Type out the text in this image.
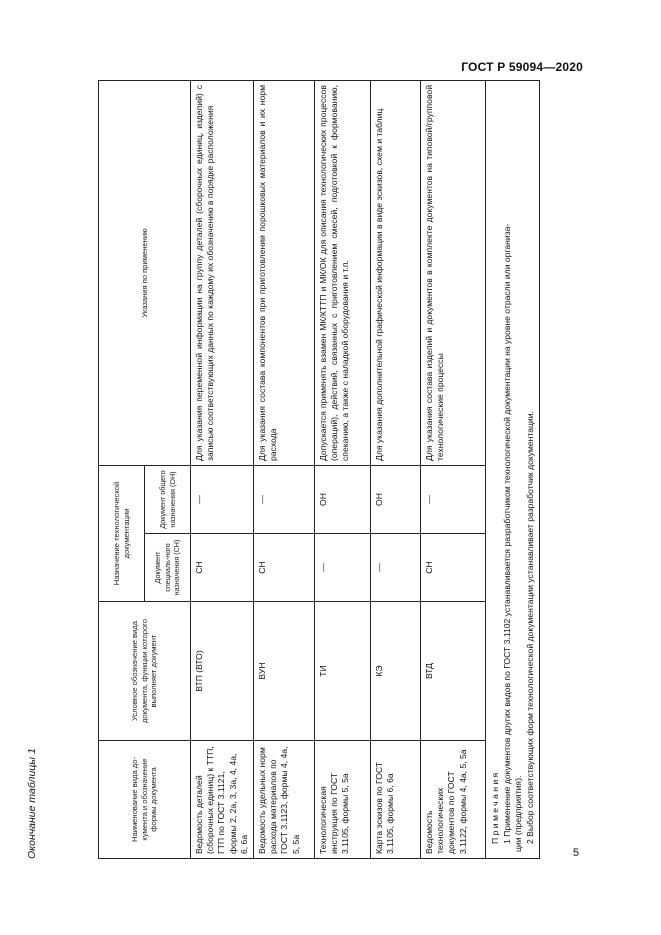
ГОСТ Р 59094—2020
Окончание таблицы 1	Наименование вида до-кумента и обозначение формы документа	Условное обозначение вида документа, функции которого выполняет документ	Назначение технологической документации		Указания по применению
		Документ специаль-ного назначения (СН)	Документ общего назначения (ОН)	
Ведомость деталей (сборочных единиц) к ТТП, ГТП по ГОСТ 3.1121, формы 2, 2а, 3, 3а, 4, 4а, 6, 6а	ВТП (ВТО)	СН	—	Для указания переменной информации на группу деталей (сборочных единиц, изделий) с записью соответствующих данных по каждому их обозначению в порядке расположения
Ведомость удельных норм расхода материалов по ГОСТ 3.1123, формы 4, 4а, 5, 5а	ВУН	СН	—	Для указания состава компонентов при приготовлении порошковых материалов и их норм расхода
Технологическая инструкция по ГОСТ 3.1105, формы 5, 5а	ТИ	—	ОН	Допускается применять взамен МК/КТТП и МК/ОК для описания технологических процессов (операций), действий, связанных с приготовлением смесей, подготовкой к формованию, спеканию, а также с наладкой оборудования и т.п.
Карта эскизов по ГОСТ 3.1105, формы 6, 6а	КЭ	—	ОН	Для указания дополнительной графической информации в виде эскизов, схем и таблиц
Ведомость технологических документов по ГОСТ 3.1122, формы 4, 4а, 5, 5а	ВТД	СН	—	Для указания состава изделий и документов в комплекте документов на типовой/групповой технологические процессы

Примечания 1 Применение документов других видов по ГОСТ 3.1102 устанавливается разработчиком технологической документации на уровне отрасли или организа- ции (предприятия). 2 Выбор соответствующих форм технологической документации устанавливает разработчик документации.				
5
